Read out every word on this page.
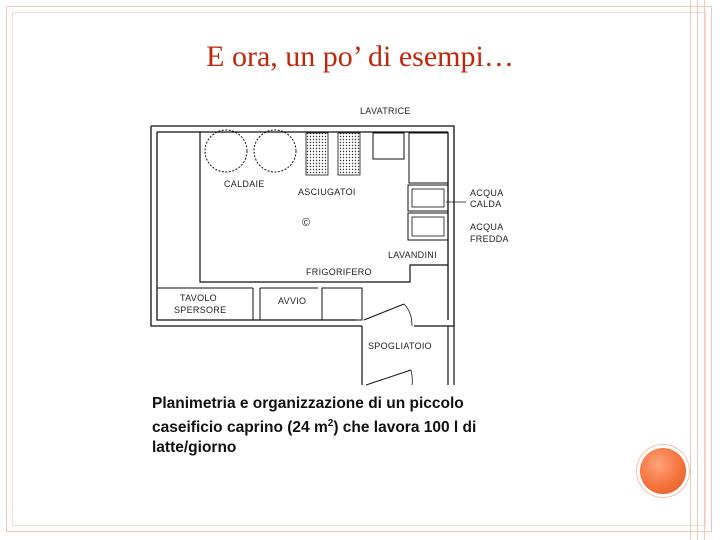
E ora, un po’ di esempi…
LAVATRICE
CALDAIE
ASCIUGATOI	ACQUA
CALDA
ACQUA
FREDDA
©
LAVANDINI
FRIGORIFERO
TAVOLO
SPERSORE
AVVIO
SPOGLIATOIO
Planimetria e organizzazione di un piccolo caseificio caprino (24 $m^2$) che lavora 100 l di latte/giorno
